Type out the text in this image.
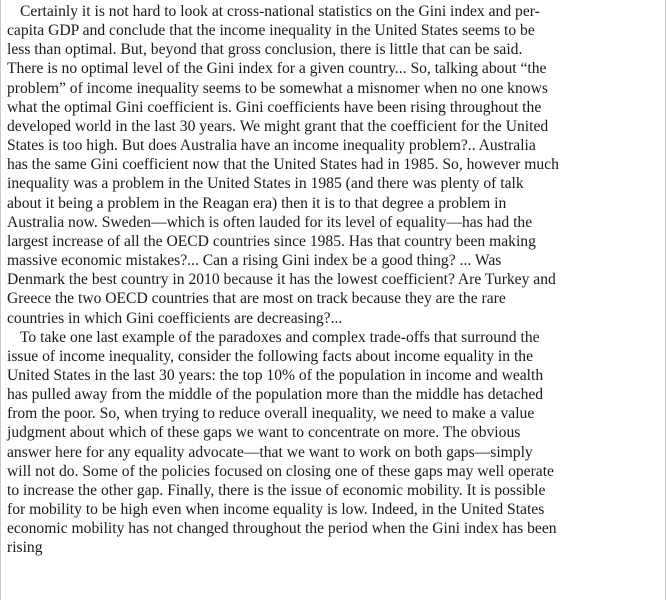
Certainly it is not hard to look at cross-national statistics on the Gini index and per-
capita GDP and conclude that the income inequality in the United States seems to be
less than optimal. But, beyond that gross conclusion, there is little that can be said.
There is no optimal level of the Gini index for a given country... So, talking about “the
problem” of income inequality seems to be somewhat a misnomer when no one knows
what the optimal Gini coefficient is. Gini coefficients have been rising throughout the
developed world in the last 30 years. We might grant that the coefficient for the United
States is too high. But does Australia have an income inequality problem?.. Australia
has the same Gini coefficient now that the United States had in 1985. So, however much
inequality was a problem in the United States in 1985 (and there was plenty of talk
about it being a problem in the Reagan era) then it is to that degree a problem in
Australia now. Sweden—which is often lauded for its level of equality—has had the
largest increase of all the OECD countries since 1985. Has that country been making
massive economic mistakes?... Can a rising Gini index be a good thing? ... Was
Denmark the best country in 2010 because it has the lowest coefficient? Are Turkey and
Greece the two OECD countries that are most on track because they are the rare
countries in which Gini coefficients are decreasing?...

To take one last example of the paradoxes and complex trade-offs that surround the
issue of income inequality, consider the following facts about income equality in the
United States in the last 30 years: the top 10% of the population in income and wealth
has pulled away from the middle of the population more than the middle has detached
from the poor. So, when trying to reduce overall inequality, we need to make a value
judgment about which of these gaps we want to concentrate on more. The obvious
answer here for any equality advocate—that we want to work on both gaps—simply
will not do. Some of the policies focused on closing one of these gaps may well operate
to increase the other gap. Finally, there is the issue of economic mobility. It is possible
for mobility to be high even when income equality is low. Indeed, in the United States
economic mobility has not changed throughout the period when the Gini index has been
rising
